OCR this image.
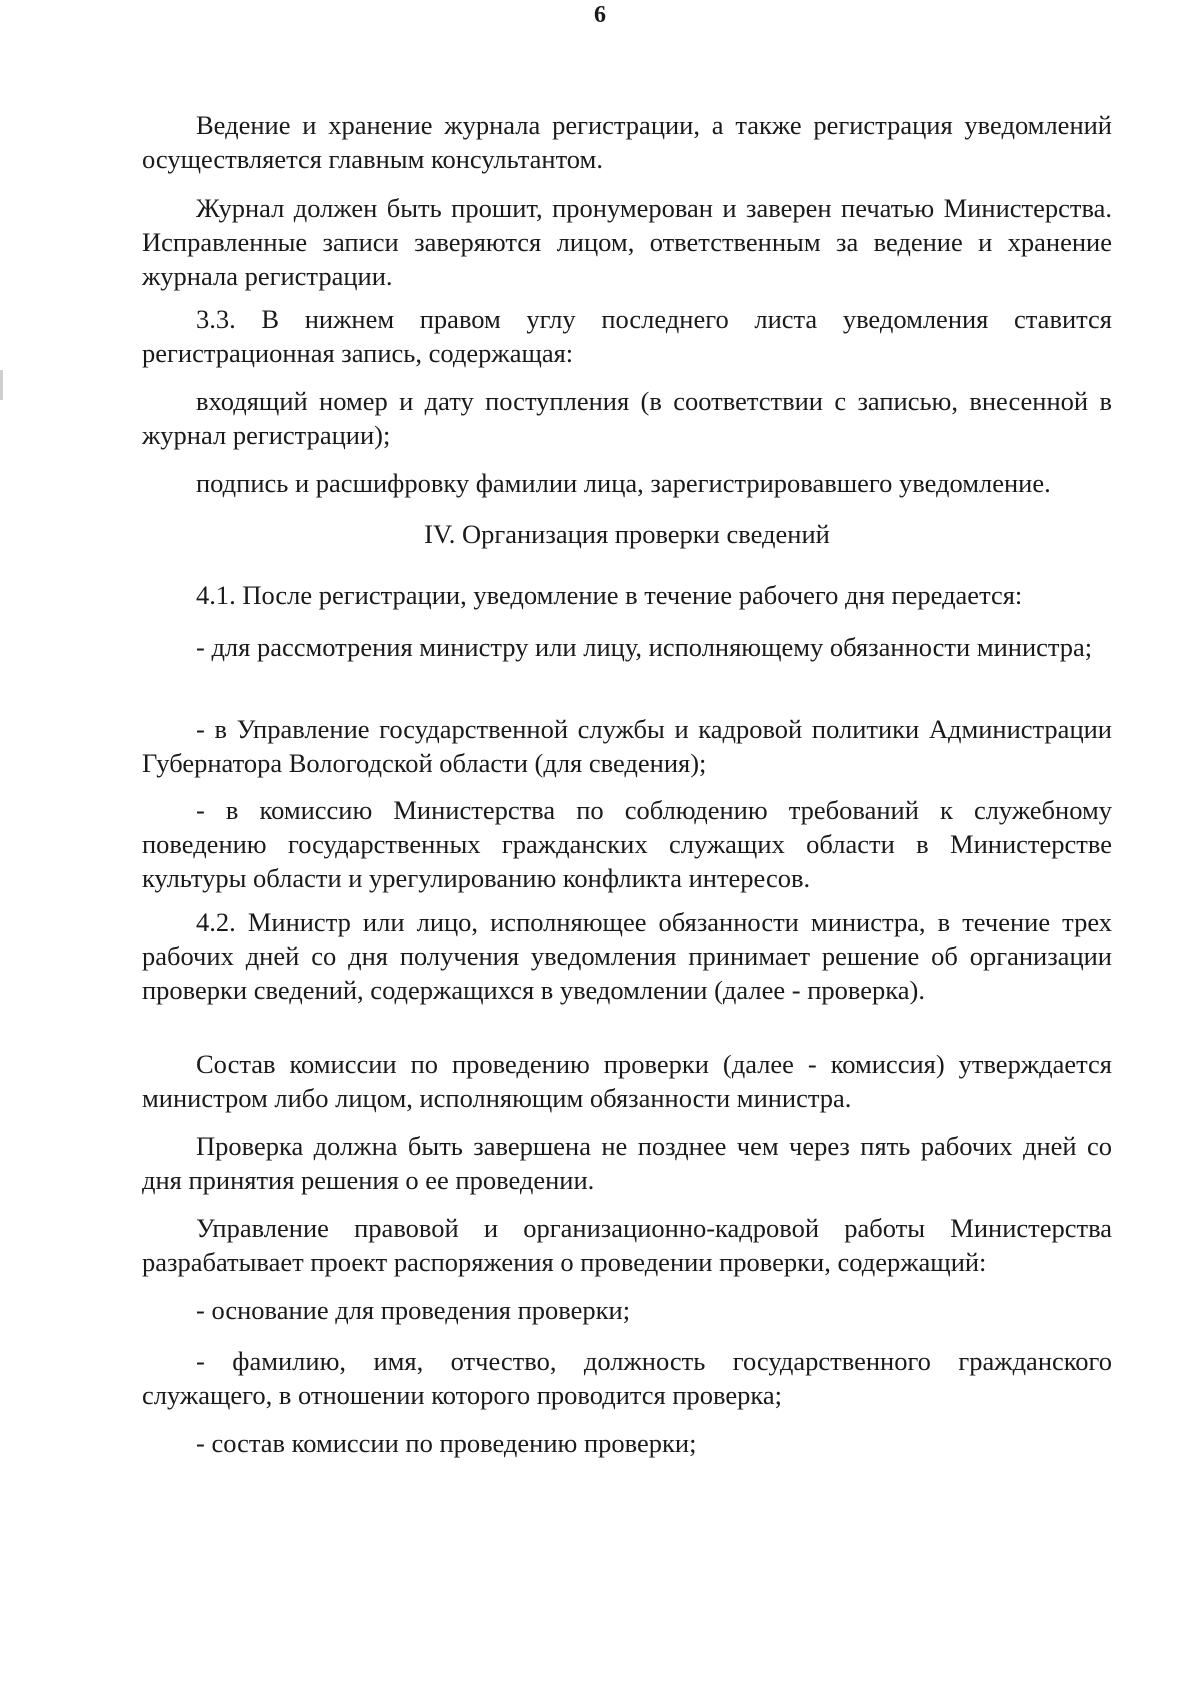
6

Ведение и хранение журнала регистрации, а также регистрация уведомлений осуществляется главным консультантом.

Журнал должен быть прошит, пронумерован и заверен печатью Министерства. Исправленные записи заверяются лицом, ответственным за ведение и хранение журнала регистрации.

3.3. В нижнем правом углу последнего листа уведомления ставится регистрационная запись, содержащая:

входящий номер и дату поступления (в соответствии с записью, внесенной в журнал регистрации);

подпись и расшифровку фамилии лица, зарегистрировавшего уведомление.

IV. Организация проверки сведений

4.1. После регистрации, уведомление в течение рабочего дня передается:

- для рассмотрения министру или лицу, исполняющему обязанности министра;

- в Управление государственной службы и кадровой политики Администрации Губернатора Вологодской области (для сведения);

- в комиссию Министерства по соблюдению требований к служебному поведению государственных гражданских служащих области в Министерстве культуры области и урегулированию конфликта интересов.

4.2. Министр или лицо, исполняющее обязанности министра, в течение трех рабочих дней со дня получения уведомления принимает решение об организации проверки сведений, содержащихся в уведомлении (далее - проверка).

Состав комиссии по проведению проверки (далее - комиссия) утверждается министром либо лицом, исполняющим обязанности министра.

Проверка должна быть завершена не позднее чем через пять рабочих дней со дня принятия решения о ее проведении.

Управление правовой и организационно-кадровой работы Министерства разрабатывает проект распоряжения о проведении проверки, содержащий:

- основание для проведения проверки;

- фамилию, имя, отчество, должность государственного гражданского служащего, в отношении которого проводится проверка;

- состав комиссии по проведению проверки;
